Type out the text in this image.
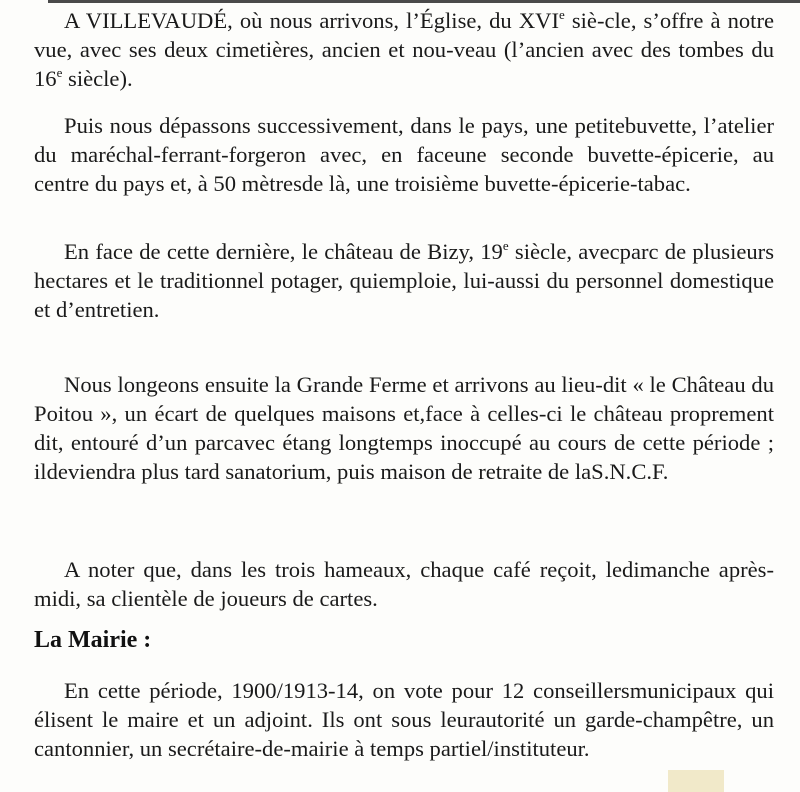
A VILLEVAUDÉ, où nous arrivons, l’Église, du XVIe siè-cle, s’offre à notre vue, avec ses deux cimetières, ancien et nou-veau (l’ancien avec des tombes du 16e siècle).
Puis nous dépassons successivement, dans le pays, une petitebuvette, l’atelier du maréchal-ferrant-forgeron avec, en faceune seconde buvette-épicerie, au centre du pays et, à 50 mètresde là, une troisième buvette-épicerie-tabac.
En face de cette dernière, le château de Bizy, 19e siècle, avecparc de plusieurs hectares et le traditionnel potager, quiemploie, lui-aussi du personnel domestique et d’entretien.
Nous longeons ensuite la Grande Ferme et arrivons au lieu-dit « le Château du Poitou », un écart de quelques maisons et,face à celles-ci le château proprement dit, entouré d’un parcavec étang longtemps inoccupé au cours de cette période ; ildeviendra plus tard sanatorium, puis maison de retraite de laS.N.C.F.
A noter que, dans les trois hameaux, chaque café reçoit, ledimanche après-midi, sa clientèle de joueurs de cartes.
La Mairie :
En cette période, 1900/1913-14, on vote pour 12 conseillersmunicipaux qui élisent le maire et un adjoint. Ils ont sous leurautorité un garde-champêtre, un cantonnier, un secrétaire-de-mairie à temps partiel/instituteur.
